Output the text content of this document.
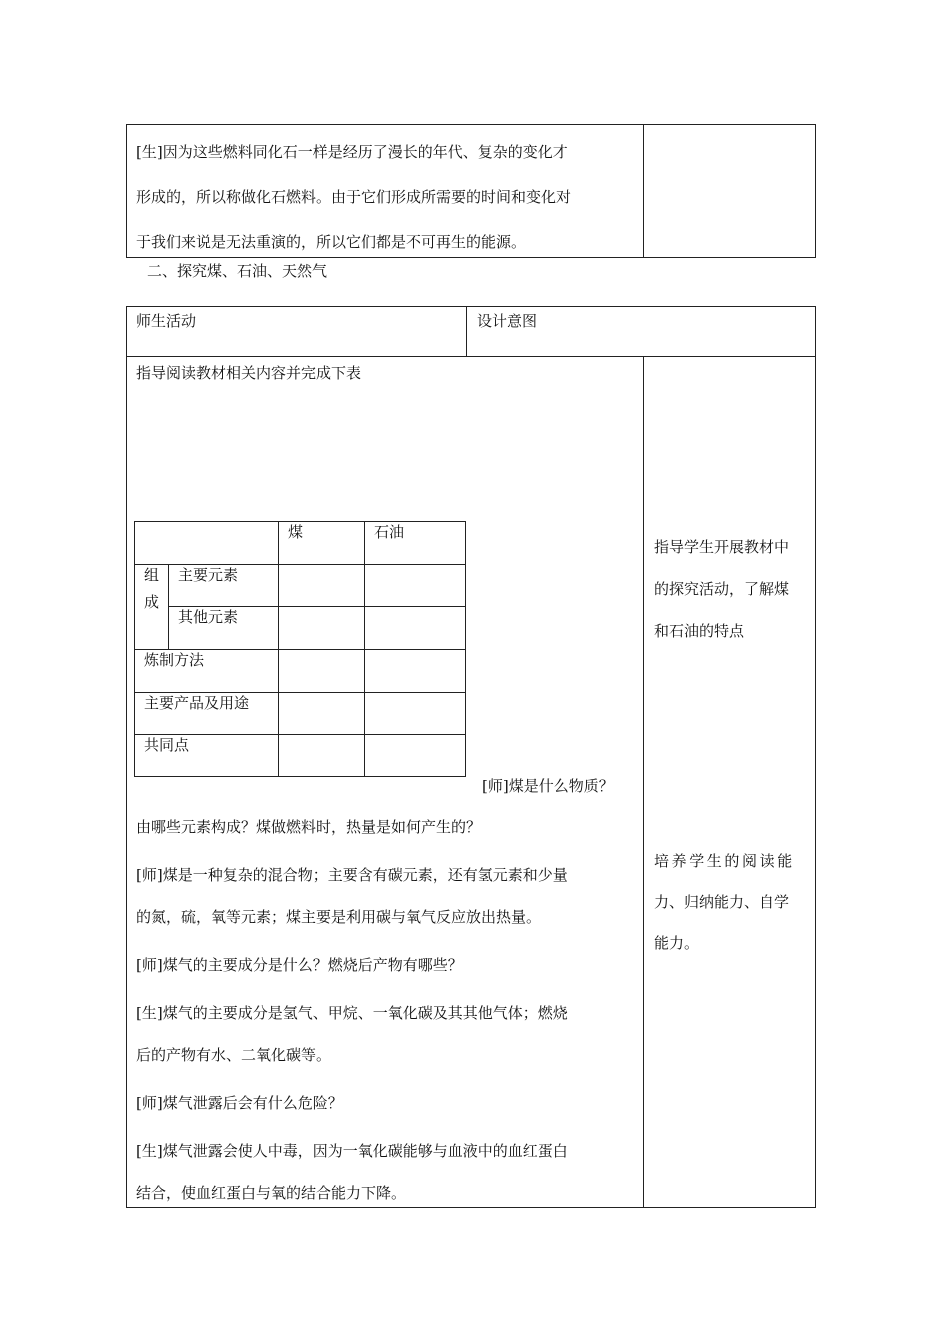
[生]因为这些燃料同化石一样是经历了漫长的年代、复杂的变化才
形成的，所以称做化石燃料。由于它们形成所需要的时间和变化对
于我们来说是无法重演的，所以它们都是不可再生的能源。
二、探究煤、石油、天然气
师生活动	设计意图
指导阅读教材相关内容并完成下表
煤	石油
组
成
主要元素
其他元素
炼制方法
主要产品及用途
共同点
[师]煤是什么物质？
由哪些元素构成？煤做燃料时，热量是如何产生的？
[师]煤是一种复杂的混合物；主要含有碳元素，还有氢元素和少量
的氮，硫，氧等元素；煤主要是利用碳与氧气反应放出热量。
[师]煤气的主要成分是什么？燃烧后产物有哪些？
[生]煤气的主要成分是氢气、甲烷、一氧化碳及其其他气体；燃烧
后的产物有水、二氧化碳等。
[师]煤气泄露后会有什么危险？
[生]煤气泄露会使人中毒，因为一氧化碳能够与血液中的血红蛋白
结合，使血红蛋白与氧的结合能力下降。
指导学生开展教材中
的探究活动，了解煤
和石油的特点
培养学生的阅读能
力、归纳能力、自学
能力。
